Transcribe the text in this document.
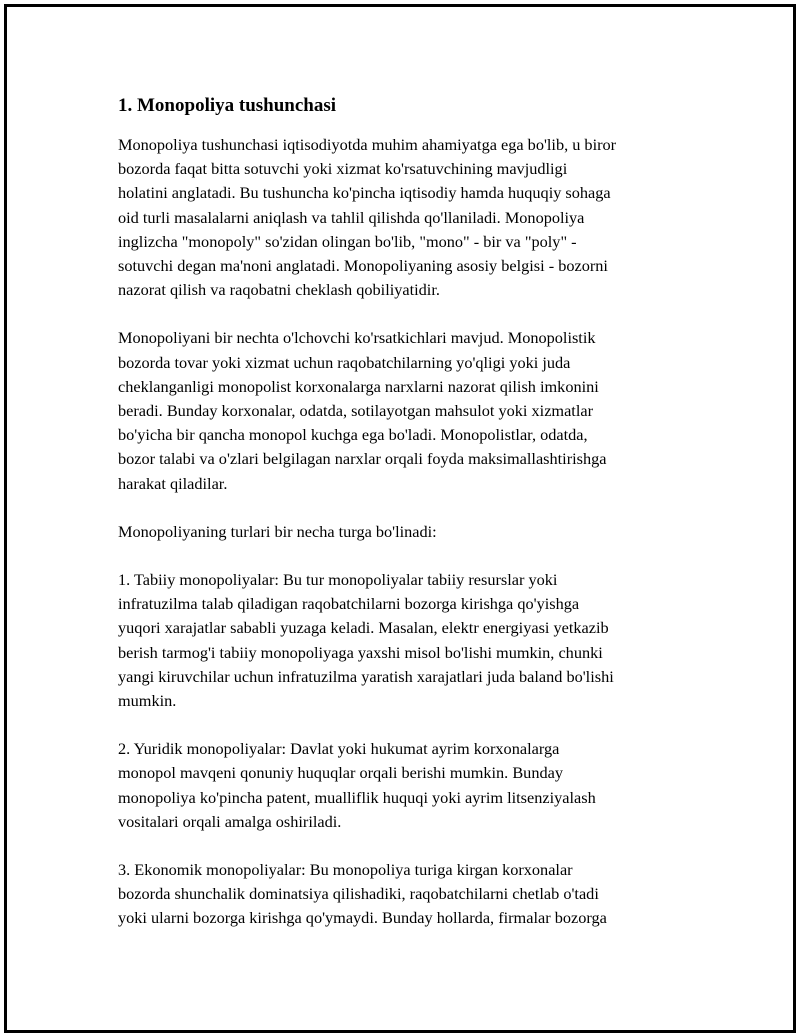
1. Monopoliya tushunchasi

Monopoliya tushunchasi iqtisodiyotda muhim ahamiyatga ega bo'lib, u biror
bozorda faqat bitta sotuvchi yoki xizmat ko'rsatuvchining mavjudligi
holatini anglatadi. Bu tushuncha ko'pincha iqtisodiy hamda huquqiy sohaga
oid turli masalalarni aniqlash va tahlil qilishda qo'llaniladi. Monopoliya
inglizcha "monopoly" so'zidan olingan bo'lib, "mono" - bir va "poly" -
sotuvchi degan ma'noni anglatadi. Monopoliyaning asosiy belgisi - bozorni
nazorat qilish va raqobatni cheklash qobiliyatidir.

Monopoliyani bir nechta o'lchovchi ko'rsatkichlari mavjud. Monopolistik
bozorda tovar yoki xizmat uchun raqobatchilarning yo'qligi yoki juda
cheklanganligi monopolist korxonalarga narxlarni nazorat qilish imkonini
beradi. Bunday korxonalar, odatda, sotilayotgan mahsulot yoki xizmatlar
bo'yicha bir qancha monopol kuchga ega bo'ladi. Monopolistlar, odatda,
bozor talabi va o'zlari belgilagan narxlar orqali foyda maksimallashtirishga
harakat qiladilar.

Monopoliyaning turlari bir necha turga bo'linadi:

1. Tabiiy monopoliyalar: Bu tur monopoliyalar tabiiy resurslar yoki
infratuzilma talab qiladigan raqobatchilarni bozorga kirishga qo'yishga
yuqori xarajatlar sababli yuzaga keladi. Masalan, elektr energiyasi yetkazib
berish tarmog'i tabiiy monopoliyaga yaxshi misol bo'lishi mumkin, chunki
yangi kiruvchilar uchun infratuzilma yaratish xarajatlari juda baland bo'lishi
mumkin.

2. Yuridik monopoliyalar: Davlat yoki hukumat ayrim korxonalarga
monopol mavqeni qonuniy huquqlar orqali berishi mumkin. Bunday
monopoliya ko'pincha patent, mualliflik huquqi yoki ayrim litsenziyalash
vositalari orqali amalga oshiriladi.

3. Ekonomik monopoliyalar: Bu monopoliya turiga kirgan korxonalar
bozorda shunchalik dominatsiya qilishadiki, raqobatchilarni chetlab o'tadi
yoki ularni bozorga kirishga qo'ymaydi. Bunday hollarda, firmalar bozorga
